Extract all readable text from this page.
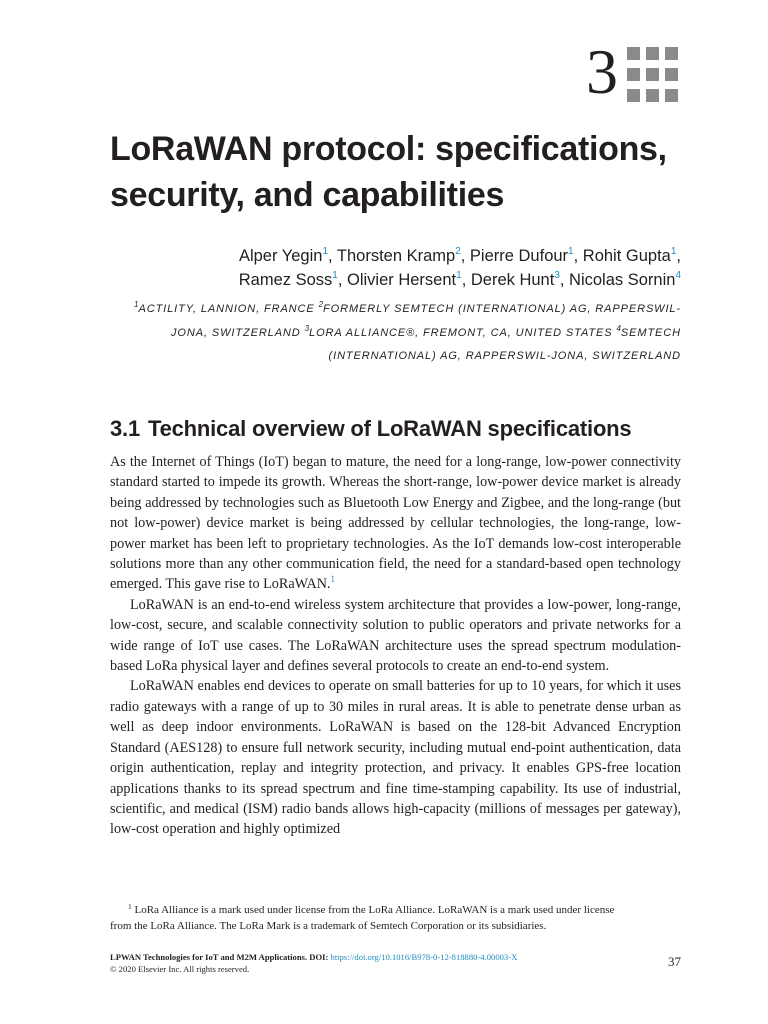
3
LoRaWAN protocol: specifications,
security, and capabilities
Alper Yegin$^1$, Thorsten Kramp$^2$, Pierre Dufour$^1$, Rohit Gupta$^1$,
Ramez Soss$^1$, Olivier Hersent$^1$, Derek Hunt$^3$, Nicolas Sornin$^4$
$^1$ACTILITY, LANNION, FRANCE $^2$FORMERLY SEMTECH (INTERNATIONAL) AG, RAPPERSWIL-JONA, SWITZERLAND $^3$LORA ALLIANCE®, FREMONT, CA, UNITED STATES $^4$SEMTECH (INTERNATIONAL) AG, RAPPERSWIL-JONA, SWITZERLAND
3.1 Technical overview of LoRaWAN specifications

As the Internet of Things (IoT) began to mature, the need for a long-range, low-power connectivity standard started to impede its growth. Whereas the short-range, low-power device market is already being addressed by technologies such as Bluetooth Low Energy and Zigbee, and the long-range (but not low-power) device market is being addressed by cellular technologies, the long-range, low-power market has been left to proprietary technologies. As the IoT demands low-cost interoperable solutions more than any other communication field, the need for a standard-based open technology emerged. This gave rise to LoRaWAN.$^1$

LoRaWAN is an end-to-end wireless system architecture that provides a low-power, long-range, low-cost, secure, and scalable connectivity solution to public operators and private networks for a wide range of IoT use cases. The LoRaWAN architecture uses the spread spectrum modulation-based LoRa physical layer and defines several protocols to create an end-to-end system.

LoRaWAN enables end devices to operate on small batteries for up to 10 years, for which it uses radio gateways with a range of up to 30 miles in rural areas. It is able to penetrate dense urban as well as deep indoor environments. LoRaWAN is based on the 128-bit Advanced Encryption Standard (AES128) to ensure full network security, including mutual end-point authentication, data origin authentication, replay and integrity protection, and privacy. It enables GPS-free location applications thanks to its spread spectrum and fine time-stamping capability. Its use of industrial, scientific, and medical (ISM) radio bands allows high-capacity (millions of messages per gateway), low-cost operation and highly optimized

$^1$ LoRa Alliance is a mark used under license from the LoRa Alliance. LoRaWAN is a mark used under license
from the LoRa Alliance. The LoRa Mark is a trademark of Semtech Corporation or its subsidiaries.
LPWAN Technologies for IoT and M2M Applications. DOI: https://doi.org/10.1016/B978-0-12-818880-4.00003-X
© 2020 Elsevier Inc. All rights reserved.	37
